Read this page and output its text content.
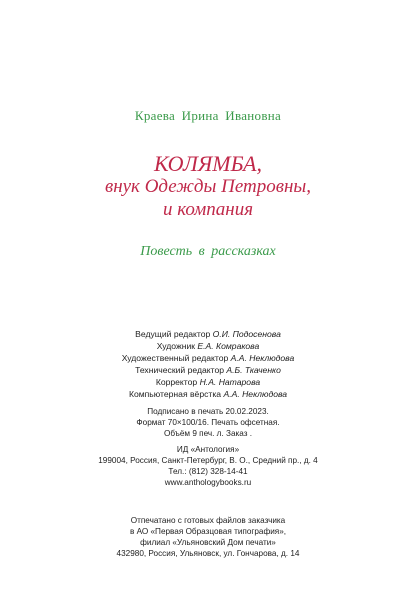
Краева Ирина Ивановна
КОЛЯМБА,
внук Одежды Петровны,
и компания
Повесть в рассказках
Ведущий редактор О.И. Подосенова
Художник Е.А. Комракова
Художественный редактор А.А. Неклюдова
Технический редактор А.Б. Ткаченко
Корректор Н.А. Натарова
Компьютерная вёрстка А.А. Неклюдова
Подписано в печать 20.02.2023.
Формат 70×100/16. Печать офсетная.
Объём 9 печ. л. Заказ .
ИД «Антология»
199004, Россия, Санкт-Петербург, В. О., Средний пр., д. 4
Тел.: (812) 328-14-41
www.anthologybooks.ru
Отпечатано с готовых файлов заказчика
в АО «Первая Образцовая типография»,
филиал «Ульяновский Дом печати»
432980, Россия, Ульяновск, ул. Гончарова, д. 14
